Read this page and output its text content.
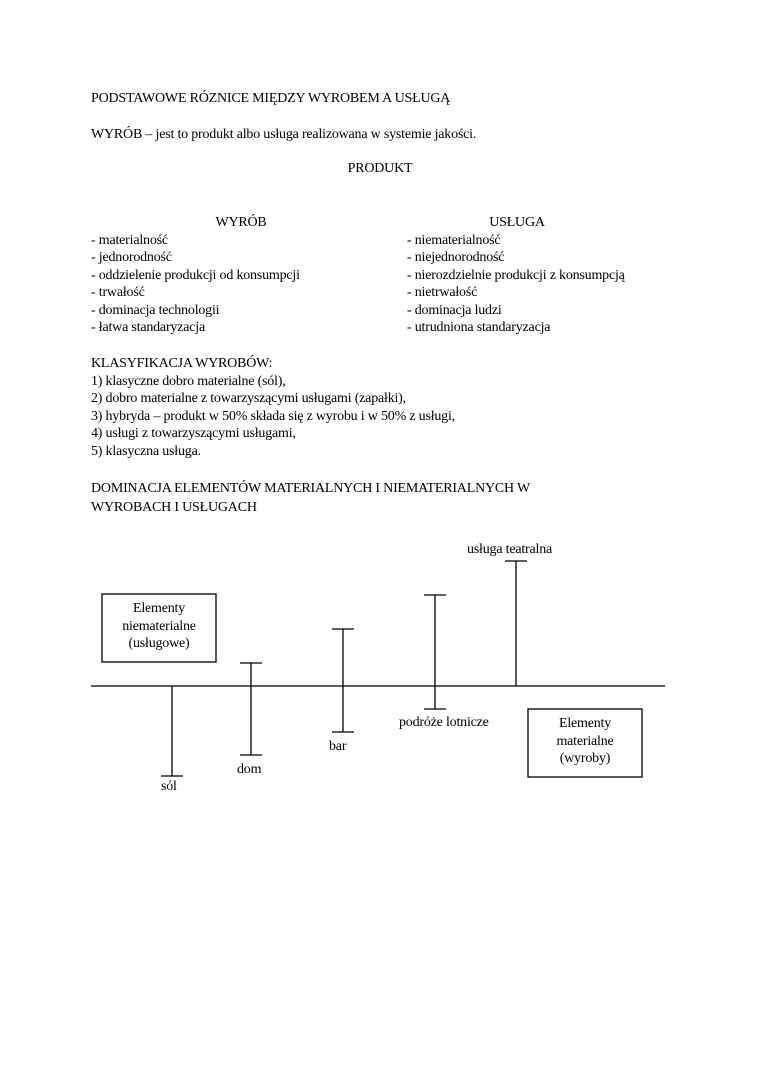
PODSTAWOWE RÓZNICE MIĘDZY WYROBEM A USŁUGĄ
WYRÓB – jest to produkt albo usługa realizowana w systemie jakości.
PRODUKT
WYRÓB
- materialność
- jednorodność
- oddzielenie produkcji od konsumpcji
- trwałość
- dominacja technologii
- łatwa standaryzacja
USŁUGA
- niematerialność
- niejednorodność
- nierozdzielnie produkcji z konsumpcją
- nietrwałość
- dominacja ludzi
- utrudniona standaryzacja
KLASYFIKACJA WYROBÓW:
1) klasyczne dobro materialne (sól),
2) dobro materialne z towarzyszącymi usługami (zapałki),
3) hybryda – produkt w 50% składa się z wyrobu i w 50% z usługi,
4) usługi z towarzyszącymi usługami,
5) klasyczna usługa.
DOMINACJA ELEMENTÓW MATERIALNYCH I NIEMATERIALNYCH W WYROBACH I USŁUGACH
Elementy
niematerialne
(usługowe)
Elementy
materialne
(wyroby)
sól
dom
bar
podróże lotnicze
usługa teatralna
